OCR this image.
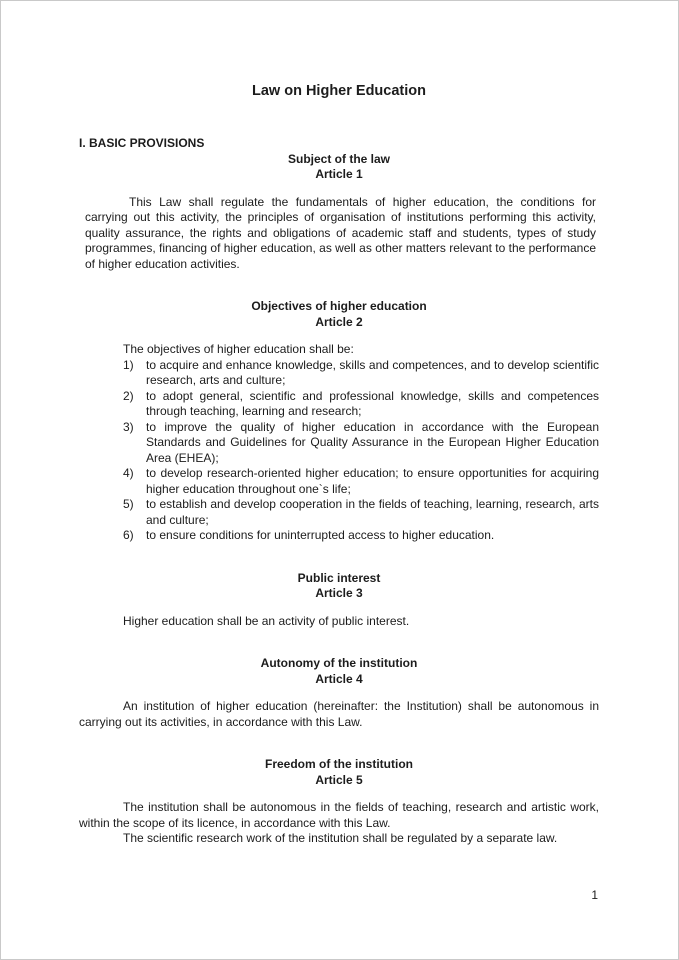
Law on Higher Education
I. BASIC PROVISIONS
Subject of the law
Article 1

This Law shall regulate the fundamentals of higher education, the conditions for carrying out this activity, the principles of organisation of institutions performing this activity, quality assurance, the rights and obligations of academic staff and students, types of study programmes, financing of higher education, as well as other matters relevant to the performance of higher education activities.

Objectives of higher education
Article 2

The objectives of higher education shall be:

1)	to acquire and enhance knowledge, skills and competences, and to develop scientific research, arts and culture;
2)	to adopt general, scientific and professional knowledge, skills and competences through teaching, learning and research;
3)	to improve the quality of higher education in accordance with the European Standards and Guidelines for Quality Assurance in the European Higher Education Area (EHEA);
4)	to develop research-oriented higher education; to ensure opportunities for acquiring higher education throughout one`s life;
5)	to establish and develop cooperation in the fields of teaching, learning, research, arts and culture;
6)	to ensure conditions for uninterrupted access to higher education.
Public interest
Article 3

Higher education shall be an activity of public interest.

Autonomy of the institution
Article 4

An institution of higher education (hereinafter: the Institution) shall be autonomous in carrying out its activities, in accordance with this Law.

Freedom of the institution
Article 5

The institution shall be autonomous in the fields of teaching, research and artistic work, within the scope of its licence, in accordance with this Law.

The scientific research work of the institution shall be regulated by a separate law.

1
